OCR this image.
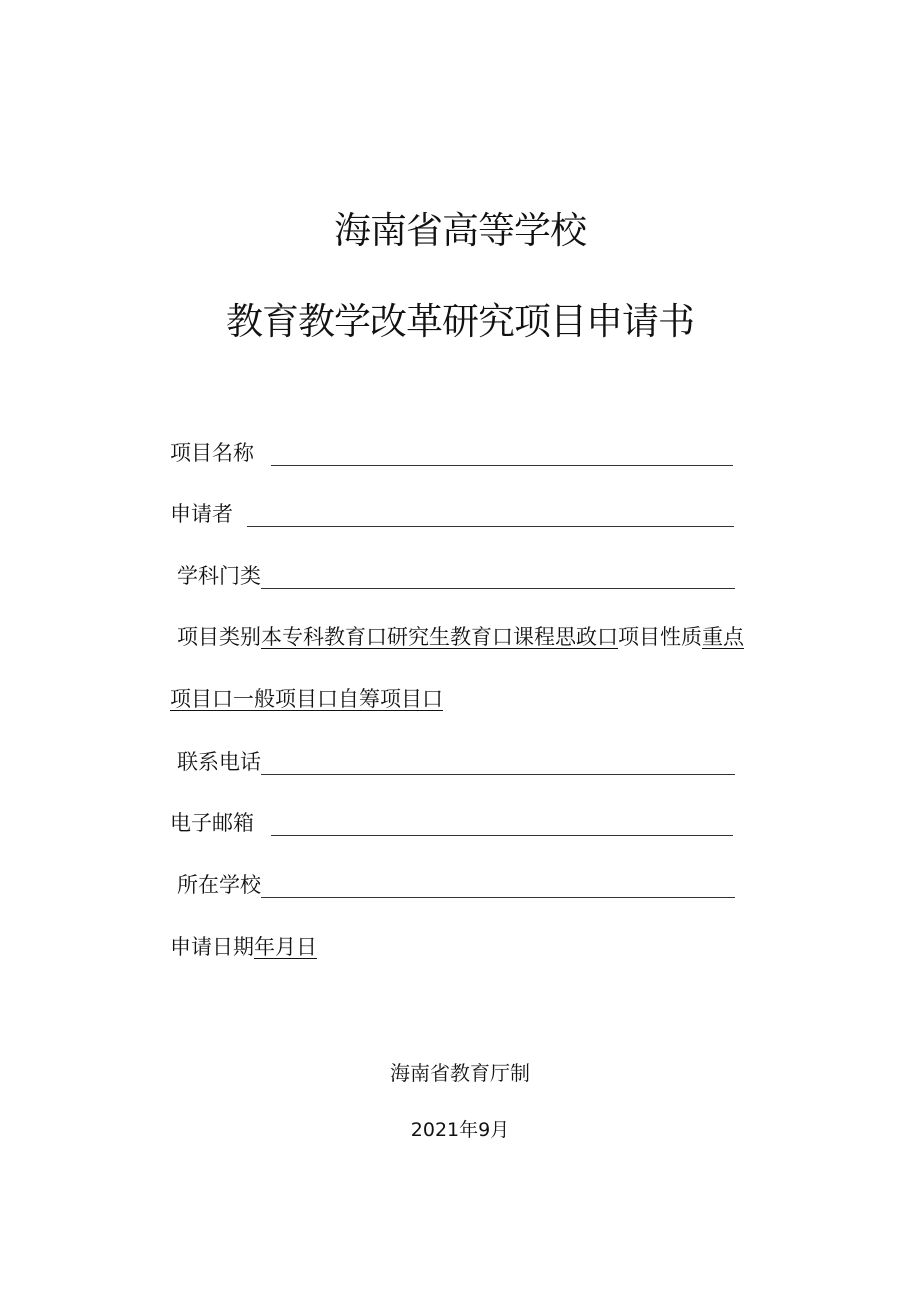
海南省高等学校
教育教学改革研究项目申请书
项目名称
申请者
学科门类
项目类别 本专科教育口研究生教育口课程思政口 项目性质 重点
项目口一般项目口自筹项目口
联系电话
电子邮箱
所在学校
申请日期 年月日
海南省教育厅制
2021年9月
